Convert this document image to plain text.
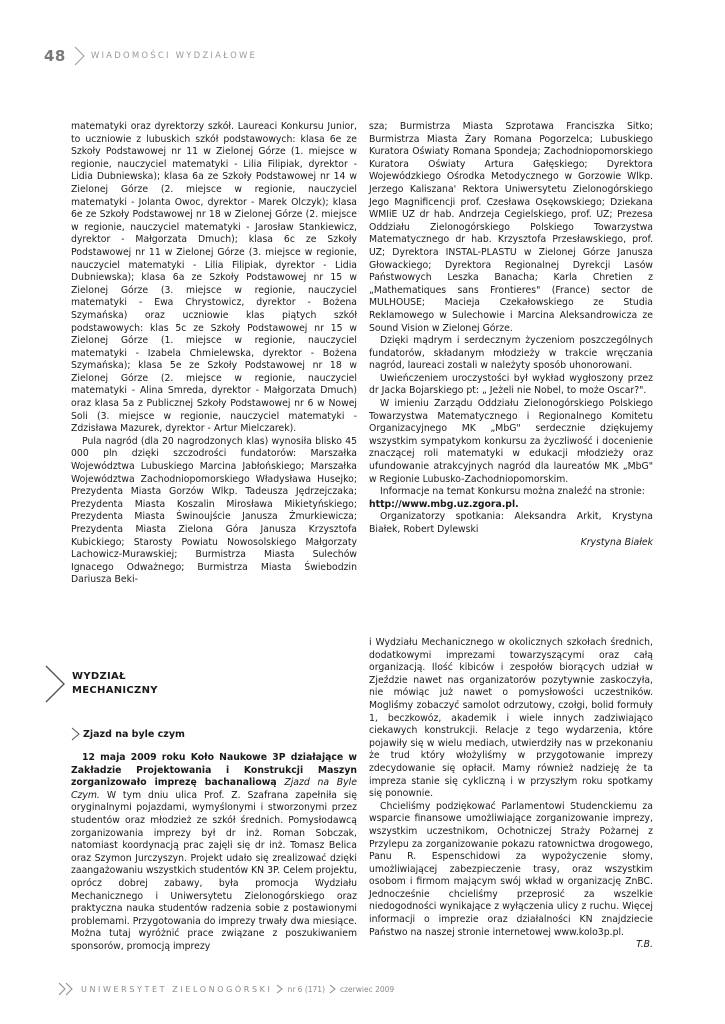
48	WIADOMOŚCI WYDZIAŁOWE

matematyki oraz dyrektorzy szkół. Laureaci Konkursu Junior, to uczniowie z lubuskich szkół podstawowych: klasa 6e ze Szkoły Podstawowej nr 11 w Zielonej Górze (1. miejsce w regionie, nauczyciel matematyki - Lilia Filipiak, dyrektor - Lidia Dubniewska); klasa 6a ze Szkoły Podstawowej nr 14 w Zielonej Górze (2. miejsce w regionie, nauczyciel matematyki - Jolanta Owoc, dyrektor - Marek Olczyk); klasa 6e ze Szkoły Podstawowej nr 18 w Zielonej Górze (2. miejsce w regionie, nauczyciel matematyki - Jarosław Stankiewicz, dyrektor - Małgorzata Dmuch); klasa 6c ze Szkoły Podstawowej nr 11 w Zielonej Górze (3. miejsce w regionie, nauczyciel matematyki - Lilia Filipiak, dyrektor - Lidia Dubniewska); klasa 6a ze Szkoły Podstawowej nr 15 w Zielonej Górze (3. miejsce w regionie, nauczyciel matematyki - Ewa Chrystowicz, dyrektor - Bożena Szymańska) oraz uczniowie klas piątych szkół podstawowych: klas 5c ze Szkoły Podstawowej nr 15 w Zielonej Górze (1. miejsce w regionie, nauczyciel matematyki - Izabela Chmielewska, dyrektor - Bożena Szymańska); klasa 5e ze Szkoły Podstawowej nr 18 w Zielonej Górze (2. miejsce w regionie, nauczyciel matematyki - Alina Smreda, dyrektor - Małgorzata Dmuch) oraz klasa 5a z Publicznej Szkoły Podstawowej nr 6 w Nowej Soli (3. miejsce w regionie, nauczyciel matematyki - Zdzisława Mazurek, dyrektor - Artur Mielczarek).

Pula nagród (dla 20 nagrodzonych klas) wynosiła blisko 45 000 pln dzięki szczodrości fundatorów: Marszałka Województwa Lubuskiego Marcina Jabłońskiego; Marszałka Województwa Zachodniopomorskiego Władysława Husejko; Prezydenta Miasta Gorzów Wlkp. Tadeusza Jędrzejczaka; Prezydenta Miasta Koszalin Mirosława Mikietyńskiego; Prezydenta Miasta Świnoujście Janusza Żmurkiewicza; Prezydenta Miasta Zielona Góra Janusza Krzysztofa Kubickiego; Starosty Powiatu Nowosolskiego Małgorzaty Lachowicz-Murawskiej; Burmistrza Miasta Sulechów Ignacego Odważnego; Burmistrza Miasta Świebodzin Dariusza Beki-

sza; Burmistrza Miasta Szprotawa Franciszka Sitko; Burmistrza Miasta Żary Romana Pogorzelca; Lubuskiego Kuratora Oświaty Romana Spondeja; Zachodniopomorskiego Kuratora Oświaty Artura Gałęskiego; Dyrektora Wojewódzkiego Ośrodka Metodycznego w Gorzowie Wlkp. Jerzego Kaliszana' Rektora Uniwersytetu Zielonogórskiego Jego Magnificencji prof. Czesława Osękowskiego; Dziekana WMIiE UZ dr hab. Andrzeja Cegielskiego, prof. UZ; Prezesa Oddziału Zielonogórskiego Polskiego Towarzystwa Matematycznego dr hab. Krzysztofa Przesławskiego, prof. UZ; Dyrektora INSTAL-PLASTU w Zielonej Górze Janusza Głowackiego; Dyrektora Regionalnej Dyrekcji Lasów Państwowych Leszka Banacha; Karla Chretien z „Mathematiques sans Frontieres" (France) sector de MULHOUSE; Macieja Czekałowskiego ze Studia Reklamowego w Sulechowie i Marcina Aleksandrowicza ze Sound Vision w Zielonej Górze.

Dzięki mądrym i serdecznym życzeniom poszczególnych fundatorów, składanym młodzieży w trakcie wręczania nagród, laureaci zostali w należyty sposób uhonorowani.

Uwieńczeniem uroczystości był wykład wygłoszony przez dr Jacka Bojarskiego pt: „ Jeżeli nie Nobel, to może Oscar?".

W imieniu Zarządu Oddziału Zielonogórskiego Polskiego Towarzystwa Matematycznego i Regionalnego Komitetu Organizacyjnego MK „MbG" serdecznie dziękujemy wszystkim sympatykom konkursu za życzliwość i docenienie znaczącej roli matematyki w edukacji młodzieży oraz ufundowanie atrakcyjnych nagród dla laureatów MK „MbG" w Regionie Lubusko-Zachodniopomorskim.

Informacje na temat Konkursu można znaleźć na stronie:

http://www.mbg.uz.zgora.pl.

Organizatorzy spotkania: Aleksandra Arkit, Krystyna Białek, Robert Dylewski

Krystyna Białek

WYDZIAŁ
MECHANICZNY
Zjazd na byle czym

12 maja 2009 roku Koło Naukowe 3P działające w Zakładzie Projektowania i Konstrukcji Maszyn zorganizowało imprezę bachanaliową Zjazd na Byle Czym. W tym dniu ulica Prof. Z. Szafrana zapełniła się oryginalnymi pojazdami, wymyślonymi i stworzonymi przez studentów oraz młodzież ze szkół średnich. Pomysłodawcą zorganizowania imprezy był dr inż. Roman Sobczak, natomiast koordynacją prac zajęli się dr inż. Tomasz Belica oraz Szymon Jurczyszyn. Projekt udało się zrealizować dzięki zaangażowaniu wszystkich studentów KN 3P. Celem projektu, oprócz dobrej zabawy, była promocja Wydziału Mechanicznego i Uniwersytetu Zielonogórskiego oraz praktyczna nauka studentów radzenia sobie z postawionymi problemami. Przygotowania do imprezy trwały dwa miesiące. Można tutaj wyróżnić prace związane z poszukiwaniem sponsorów, promocją imprezy

i Wydziału Mechanicznego w okolicznych szkołach średnich, dodatkowymi imprezami towarzyszącymi oraz całą organizacją. Ilość kibiców i zespołów biorących udział w Zjeździe nawet nas organizatorów pozytywnie zaskoczyła, nie mówiąc już nawet o pomysłowości uczestników. Mogliśmy zobaczyć samolot odrzutowy, czołgi, bolid formuły 1, beczkowóz, akademik i wiele innych zadziwiająco ciekawych konstrukcji. Relacje z tego wydarzenia, które pojawiły się w wielu mediach, utwierdziły nas w przekonaniu że trud który włożyliśmy w przygotowanie imprezy zdecydowanie się opłacił. Mamy również nadzieję że ta impreza stanie się cykliczną i w przyszłym roku spotkamy się ponownie.

Chcieliśmy podziękować Parlamentowi Studenckiemu za wsparcie finansowe umożliwiające zorganizowanie imprezy, wszystkim uczestnikom, Ochotniczej Straży Pożarnej z Przylepu za zorganizowanie pokazu ratownictwa drogowego, Panu R. Espenschidowi za wypożyczenie słomy, umożliwiającej zabezpieczenie trasy, oraz wszystkim osobom i firmom mającym swój wkład w organizację ZnBC. Jednocześnie chcieliśmy przeprosić za wszelkie niedogodności wynikające z wyłączenia ulicy z ruchu. Więcej informacji o imprezie oraz działalności KN znajdziecie Państwo na naszej stronie internetowej www.kolo3p.pl.

T.B.

UNIWERSYTET ZIELONOGÓRSKI nr 6 (171) czerwiec 2009
